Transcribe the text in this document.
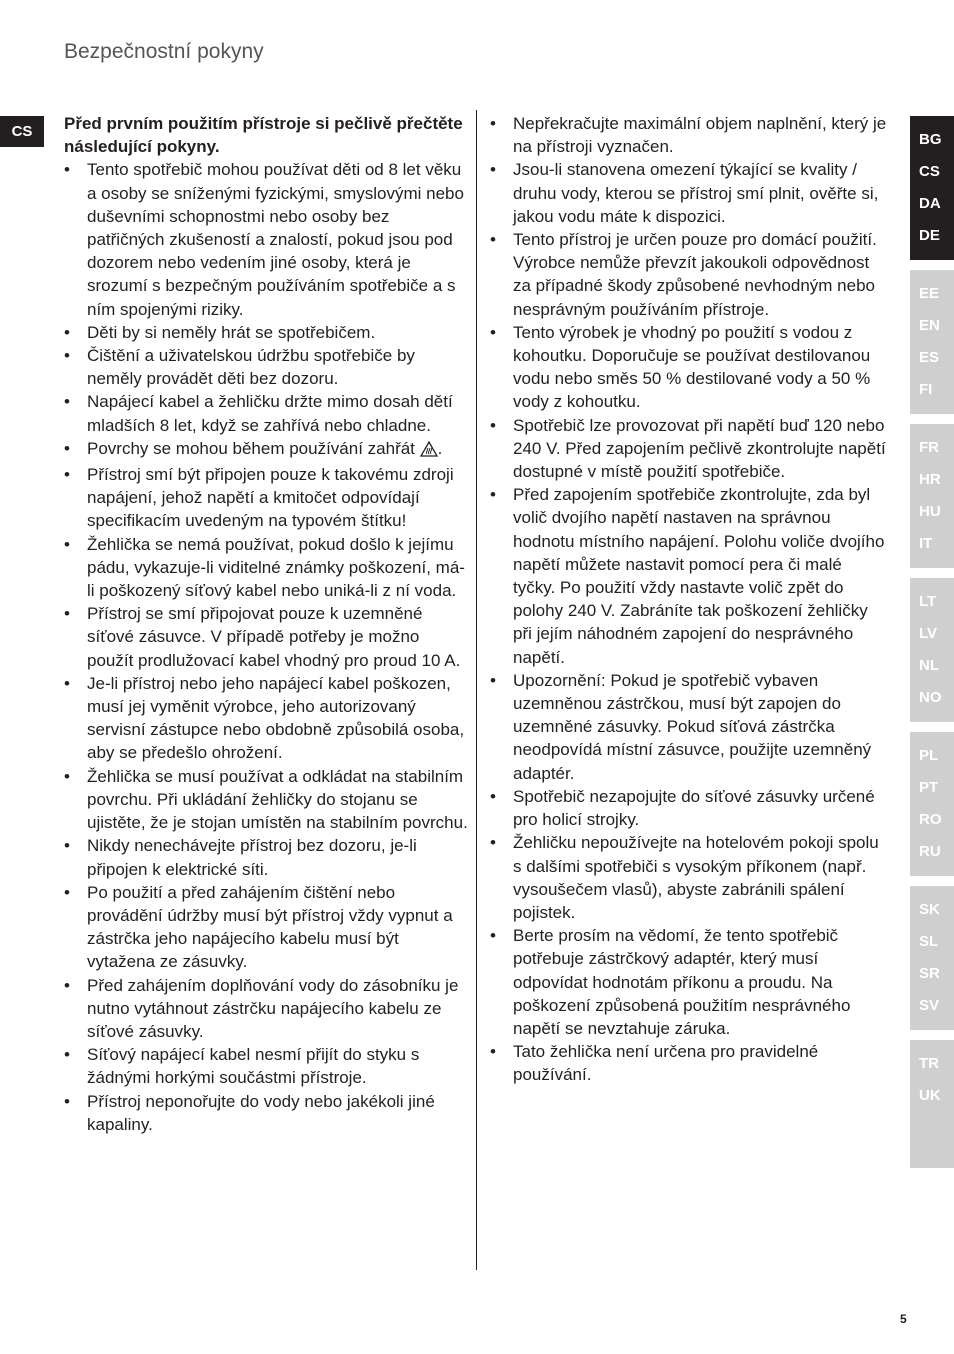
Bezpečnostní pokyny
CS	Před prvním použitím přístroje si pečlivě přečtěte následující pokyny.

• Tento spotřebič mohou používat děti od 8 let věku a osoby se sníženými fyzickými, smyslovými nebo duševními schopnostmi nebo osoby bez patřičných zkušeností a znalostí, pokud jsou pod dozorem nebo vedením jiné osoby, která je srozumí s bezpečným používáním spotřebiče a s ním spojenými riziky.
• Děti by si neměly hrát se spotřebičem.
• Čištění a uživatelskou údržbu spotřebiče by neměly provádět děti bez dozoru.
• Napájecí kabel a žehličku držte mimo dosah dětí mladších 8 let, když se zahřívá nebo chladne.
• Povrchy se mohou během používání zahřát .
• Přístroj smí být připojen pouze k takovému zdroji napájení, jehož napětí a kmitočet odpovídají specifikacím uvedeným na typovém štítku!
• Žehlička se nemá používat, pokud došlo k jejímu pádu, vykazuje-li viditelné známky poškození, má-li poškozený síťový kabel nebo uniká-li z ní voda.
• Přístroj se smí připojovat pouze k uzemněné síťové zásuvce. V případě potřeby je možno použít prodlužovací kabel vhodný pro proud 10 A.
• Je-li přístroj nebo jeho napájecí kabel poškozen, musí jej vyměnit výrobce, jeho autorizovaný servisní zástupce nebo obdobně způsobilá osoba, aby se předešlo ohrožení.
• Žehlička se musí používat a odkládat na stabilním povrchu. Při ukládání žehličky do stojanu se ujistěte, že je stojan umístěn na stabilním povrchu.
• Nikdy nenechávejte přístroj bez dozoru, je-li připojen k elektrické síti.
• Po použití a před zahájením čištění nebo provádění údržby musí být přístroj vždy vypnut a zástrčka jeho napájecího kabelu musí být vytažena ze zásuvky.
• Před zahájením doplňování vody do zásobníku je nutno vytáhnout zástrčku napájecího kabelu ze síťové zásuvky.
• Síťový napájecí kabel nesmí přijít do styku s žádnými horkými součástmi přístroje.
• Přístroj neponořujte do vody nebo jakékoli jiné kapaliny.
• Nepřekračujte maximální objem naplnění, který je na přístroji vyznačen.
• Jsou-li stanovena omezení týkající se kvality / druhu vody, kterou se přístroj smí plnit, ověřte si, jakou vodu máte k dispozici.
• Tento přístroj je určen pouze pro domácí použití. Výrobce nemůže převzít jakoukoli odpovědnost za případné škody způsobené nevhodným nebo nesprávným používáním přístroje.
• Tento výrobek je vhodný po použití s vodou z kohoutku. Doporučuje se používat destilovanou vodu nebo směs 50 % destilované vody a 50 % vody z kohoutku.
• Spotřebič lze provozovat při napětí buď 120 nebo 240 V. Před zapojením pečlivě zkontrolujte napětí dostupné v místě použití spotřebiče.
• Před zapojením spotřebiče zkontrolujte, zda byl volič dvojího napětí nastaven na správnou hodnotu místního napájení. Polohu voliče dvojího napětí můžete nastavit pomocí pera či malé tyčky. Po použití vždy nastavte volič zpět do polohy 240 V. Zabráníte tak poškození žehličky při jejím náhodném zapojení do nesprávného napětí.
• Upozornění: Pokud je spotřebič vybaven uzemněnou zástrčkou, musí být zapojen do uzemněné zásuvky. Pokud síťová zástrčka neodpovídá místní zásuvce, použijte uzemněný adaptér.
• Spotřebič nezapojujte do síťové zásuvky určené pro holicí strojky.
• Žehličku nepoužívejte na hotelovém pokoji spolu s dalšími spotřebiči s vysokým příkonem (např. vysoušečem vlasů), abyste zabránili spálení pojistek.
• Berte prosím na vědomí, že tento spotřebič potřebuje zástrčkový adaptér, který musí odpovídat hodnotám příkonu a proudu. Na poškození způsobená použitím nesprávného napětí se nevztahuje záruka.
• Tato žehlička není určena pro pravidelné používání.
BG
CS
DA
DE
EE
EN
ES
FI
FR
HR
HU
IT
LT
LV
NL
NO
PL
PT
RO
RU
SK
SL
SR
SV
TR
UK
5
